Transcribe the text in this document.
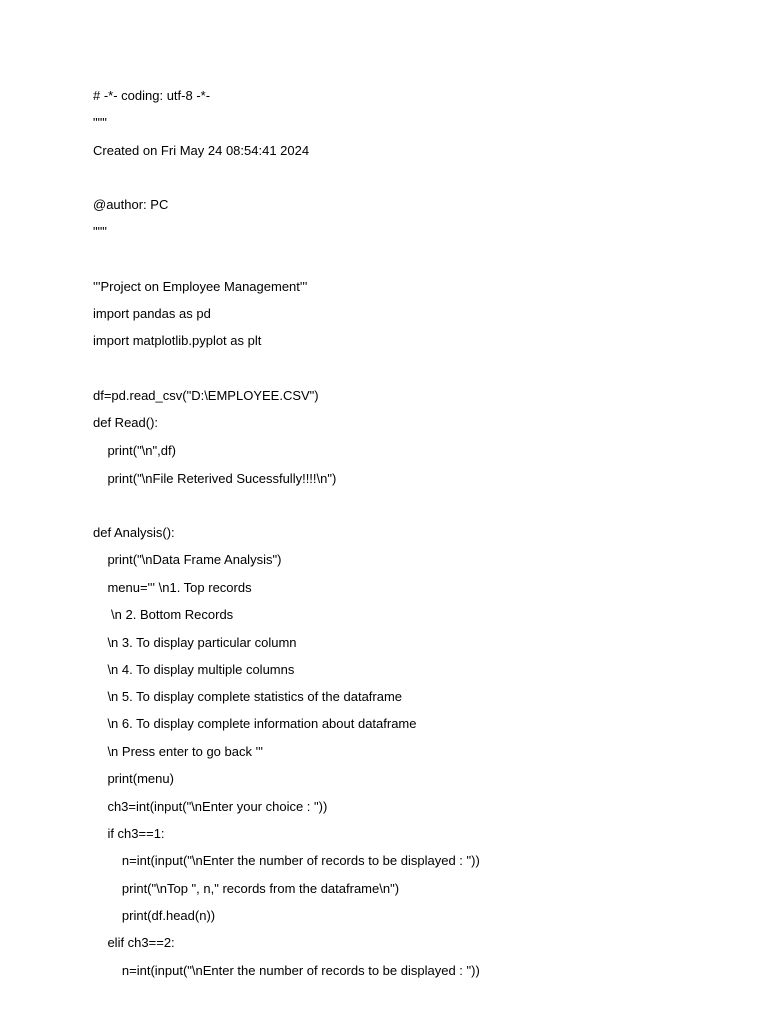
# -*- coding: utf-8 -*-
"""
Created on Fri May 24 08:54:41 2024
@author: PC
"""
'''Project on Employee Management'''
import pandas as pd
import matplotlib.pyplot as plt
df=pd.read_csv("D:\EMPLOYEE.CSV")
def Read():
print("\n",df)
print("\nFile Reterived Sucessfully!!!!\n")
def Analysis():
print("\nData Frame Analysis")
menu=''' \n1. Top records
\n 2. Bottom Records
\n 3. To display particular column
\n 4. To display multiple columns
\n 5. To display complete statistics of the dataframe
\n 6. To display complete information about dataframe
\n Press enter to go back '''
print(menu)
ch3=int(input("\nEnter your choice : "))
if ch3==1:
n=int(input("\nEnter the number of records to be displayed : "))
print("\nTop ", n," records from the dataframe\n")
print(df.head(n))
elif ch3==2:
n=int(input("\nEnter the number of records to be displayed : "))
